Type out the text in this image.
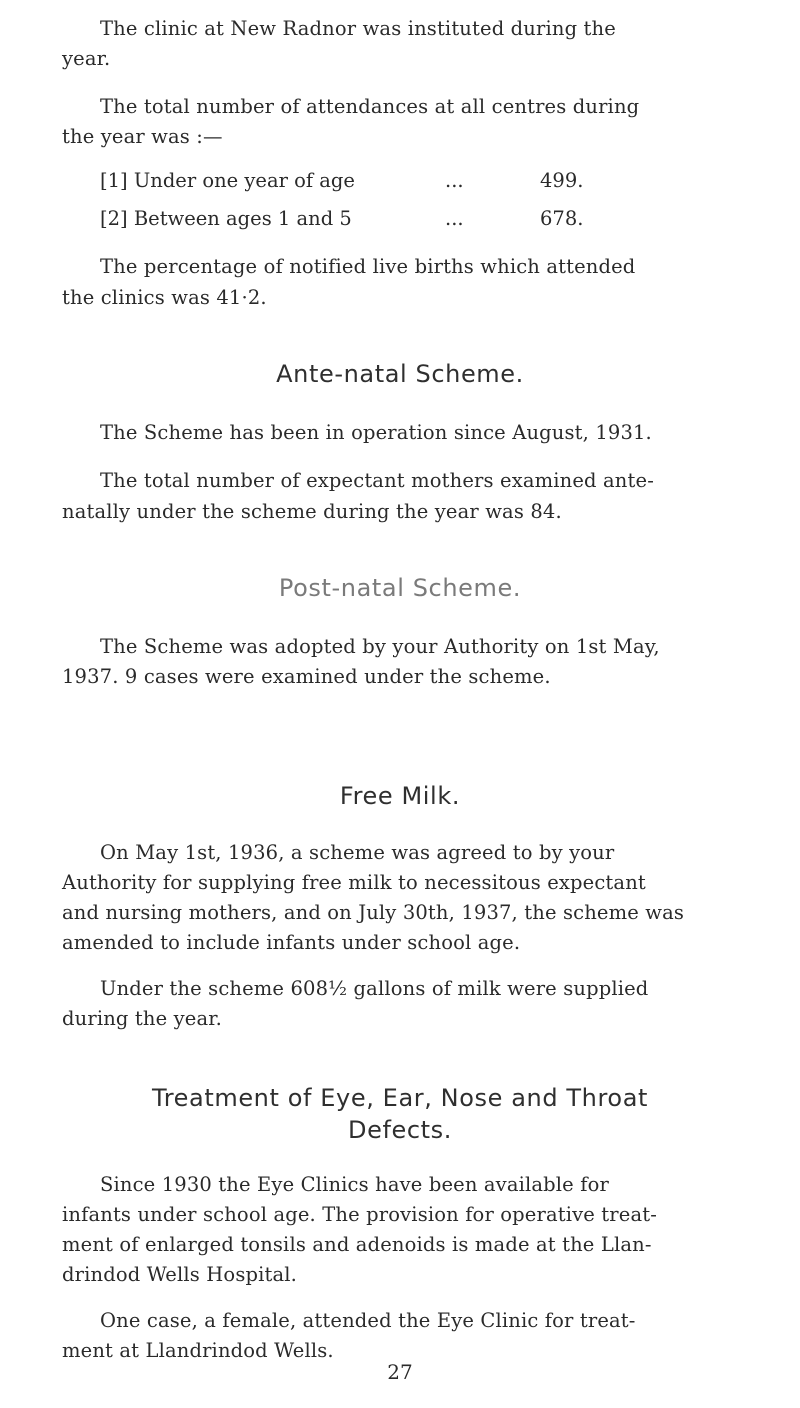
The clinic at New Radnor was instituted during the
year.
The total number of attendances at all centres during
the year was :—
[1] Under one year of age	...	499.
[2] Between ages 1 and 5	...	678.
The percentage of notified live births which attended
the clinics was 41·2.
Ante-natal Scheme.
The Scheme has been in operation since August, 1931.
The total number of expectant mothers examined ante-
natally under the scheme during the year was 84.
Post-natal Scheme.
The Scheme was adopted by your Authority on 1st May,
1937. 9 cases were examined under the scheme.
Free Milk.
On May 1st, 1936, a scheme was agreed to by your
Authority for supplying free milk to necessitous expectant
and nursing mothers, and on July 30th, 1937, the scheme was
amended to include infants under school age.
Under the scheme 608½ gallons of milk were supplied
during the year.
Treatment of Eye, Ear, Nose and Throat
Defects.
Since 1930 the Eye Clinics have been available for
infants under school age. The provision for operative treat-
ment of enlarged tonsils and adenoids is made at the Llan-
drindod Wells Hospital.
One case, a female, attended the Eye Clinic for treat-
ment at Llandrindod Wells.
27
